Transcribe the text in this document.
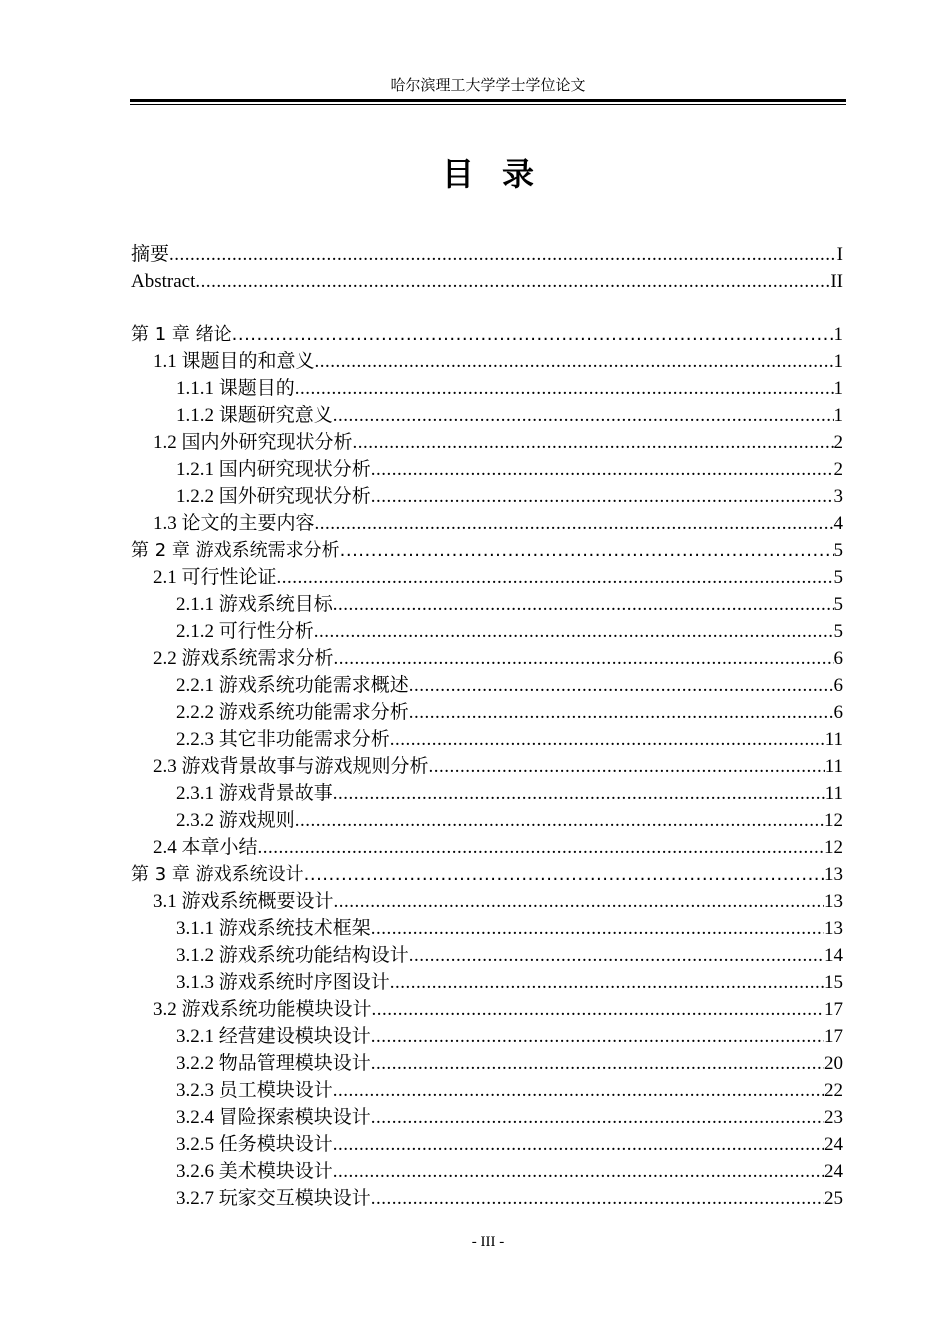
哈尔滨理工大学学士学位论文
目录
摘要 .....	I
Abstract .....	II
第 1 章 绪论 .....	1
1.1 课题目的和意义 .....	1
1.1.1 课题目的 .....	1
1.1.2 课题研究意义 .....	1
1.2 国内外研究现状分析 .....	2
1.2.1 国内研究现状分析 .....	2
1.2.2 国外研究现状分析 .....	3
1.3 论文的主要内容 .....	4
第 2 章 游戏系统需求分析 .....	5
2.1 可行性论证 .....	5
2.1.1 游戏系统目标 .....	5
2.1.2 可行性分析 .....	5
2.2 游戏系统需求分析 .....	6
2.2.1 游戏系统功能需求概述 .....	6
2.2.2 游戏系统功能需求分析 .....	6
2.2.3 其它非功能需求分析 .....	11
2.3 游戏背景故事与游戏规则分析 .....	11
2.3.1 游戏背景故事 .....	11
2.3.2 游戏规则 .....	12
2.4 本章小结 .....	12
第 3 章 游戏系统设计 .....	13
3.1 游戏系统概要设计 .....	13
3.1.1 游戏系统技术框架 .....	13
3.1.2 游戏系统功能结构设计 .....	14
3.1.3 游戏系统时序图设计 .....	15
3.2 游戏系统功能模块设计 .....	17
3.2.1 经营建设模块设计 .....	17
3.2.2 物品管理模块设计 .....	20
3.2.3 员工模块设计 .....	22
3.2.4 冒险探索模块设计 .....	23
3.2.5 任务模块设计 .....	24
3.2.6 美术模块设计 .....	24
3.2.7 玩家交互模块设计 .....	25
- III -
